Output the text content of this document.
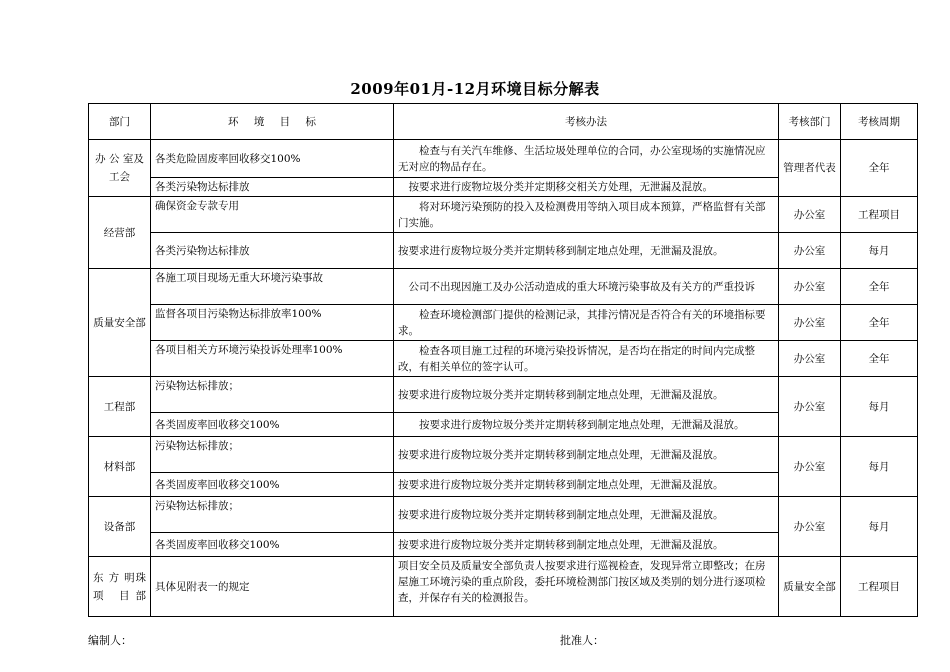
2009年01月-12月环境目标分解表
部门	环 境 目 标	考核办法	考核部门	考核周期
办 公 室及工会	各类危险固废率回收移交100%	检查与有关汽车维修、生活垃圾处理单位的合同，办公室现场的实施情况应无对应的物品存在。	管理者代表	全年
	各类污染物达标排放	按要求进行废物垃圾分类并定期移交相关方处理，无泄漏及混放。		
经营部	确保资金专款专用	将对环境污染预防的投入及检测费用等纳入项目成本预算，严格监督有关部门实施。	办公室	工程项目
	各类污染物达标排放	按要求进行废物垃圾分类并定期转移到制定地点处理，无泄漏及混放。	办公室	每月
质量安全部	各施工项目现场无重大环境污染事故	公司不出现因施工及办公活动造成的重大环境污染事故及有关方的严重投诉	办公室	全年
	监督各项目污染物达标排放率100%	检查环境检测部门提供的检测记录，其排污情况是否符合有关的环境指标要求。	办公室	全年
	各项目相关方环境污染投诉处理率100%	检查各项目施工过程的环境污染投诉情况，是否均在指定的时间内完成整改，有相关单位的签字认可。	办公室	全年
工程部	污染物达标排放；	按要求进行废物垃圾分类并定期转移到制定地点处理，无泄漏及混放。	办公室	每月
	各类固废率回收移交100%	按要求进行废物垃圾分类并定期转移到制定地点处理，无泄漏及混放。		
材料部	污染物达标排放；	按要求进行废物垃圾分类并定期转移到制定地点处理，无泄漏及混放。	办公室	每月
	各类固废率回收移交100%	按要求进行废物垃圾分类并定期转移到制定地点处理，无泄漏及混放。		
设备部	污染物达标排放；	按要求进行废物垃圾分类并定期转移到制定地点处理，无泄漏及混放。	办公室	每月
	各类固废率回收移交100%	按要求进行废物垃圾分类并定期转移到制定地点处理，无泄漏及混放。		
东 方 明珠 项 目部	具体见附表一的规定	项目安全员及质量安全部负责人按要求进行巡视检查，发现异常立即整改；在房屋施工环境污染的重点阶段，委托环境检测部门按区域及类别的划分进行逐项检查，并保存有关的检测报告。	质量安全部	工程项目
编制人：	批准人：
